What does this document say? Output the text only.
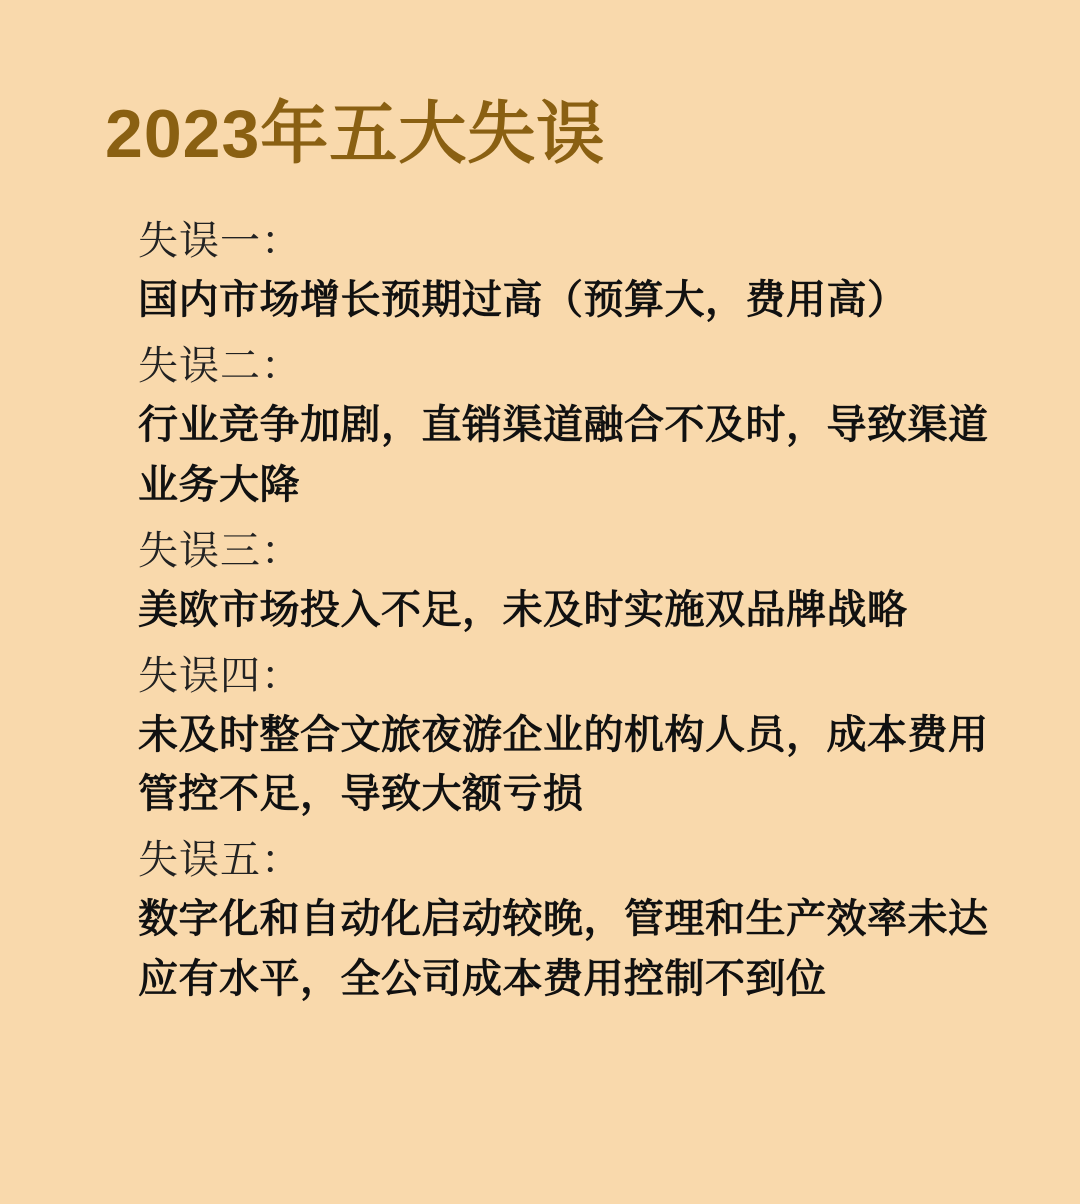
2023年五大失误
失误一：
国内市场增长预期过高（预算大，费用高）
失误二：
行业竞争加剧，直销渠道融合不及时，导致渠道业务大降
失误三：
美欧市场投入不足，未及时实施双品牌战略
失误四：
未及时整合文旅夜游企业的机构人员，成本费用管控不足，导致大额亏损
失误五：
数字化和自动化启动较晚，管理和生产效率未达应有水平，全公司成本费用控制不到位
